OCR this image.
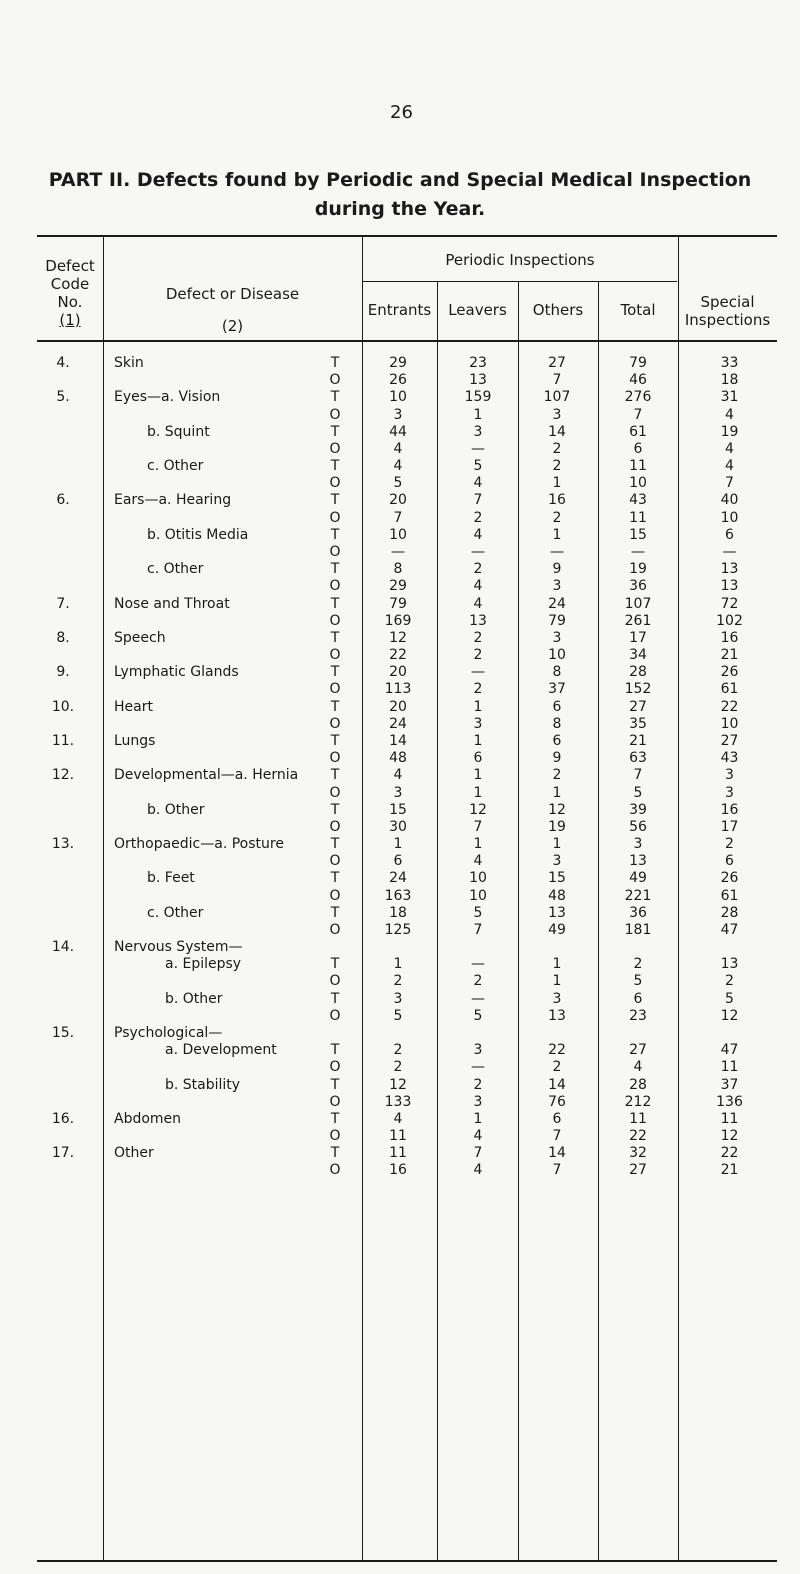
26
PART II. Defects found by Periodic and Special Medical Inspection
during the Year.
Defect
Code
No.
(1)
Defect or Disease
(2)
Periodic Inspections
Entrants	Leavers	Others	Total	Special
Inspections
4.	Skin	T	29	23	27	79	33
O	26	13	7	46	18
5.	Eyes—a. Vision	T	10	159	107	276	31
O	3	1	3	7	4
b. Squint	T	44	3	14	61	19
O	4	—	2	6	4
c. Other	T	4	5	2	11	4
O	5	4	1	10	7
6.	Ears—a. Hearing	T	20	7	16	43	40
O	7	2	2	11	10
b. Otitis Media	T	10	4	1	15	6
O	—	—	—	—	—
c. Other	T	8	2	9	19	13
O	29	4	3	36	13
7.	Nose and Throat	T	79	4	24	107	72
O	169	13	79	261	102
8.	Speech	T	12	2	3	17	16
O	22	2	10	34	21
9.	Lymphatic Glands	T	20	—	8	28	26
O	113	2	37	152	61
10.	Heart	T	20	1	6	27	22
O	24	3	8	35	10
11.	Lungs	T	14	1	6	21	27
O	48	6	9	63	43
12.	Developmental—a. Hernia T	4	1	2	7	3
O	3	1	1	5	3
b. Other	T	15	12	12	39	16
O	30	7	19	56	17
13.	Orthopaedic—a. Posture	T	1	1	1	3	2
O	6	4	3	13	6
b. Feet	T	24	10	15	49	26
O	163	10	48	221	61
c. Other	T	18	5	13	36	28
O	125	7	49	181	47
14.	Nervous System—
a. Epilepsy	T	1	—	1	2	13
O	2	2	1	5	2
b. Other	T	3	—	3	6	5
O	5	5	13	23	12
15.	Psychological—
a. Development	T	2	3	22	27	47
O	2	—	2	4	11
b. Stability	T	12	2	14	28	37
O	133	3	76	212	136
16.	Abdomen	T	4	1	6	11	11
O	11	4	7	22	12
17.	Other	T	11	7	14	32	22
O	16	4	7	27	21
